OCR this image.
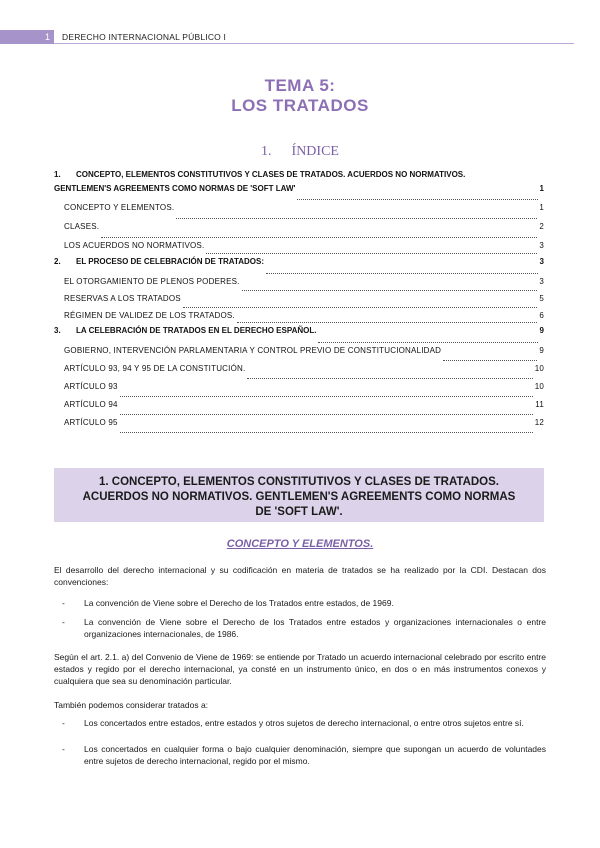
1	DERECHO INTERNACIONAL PÚBLICO I
TEMA 5:
LOS TRATADOS
1. ÍNDICE
1. CONCEPTO, ELEMENTOS CONSTITUTIVOS Y CLASES DE TRATADOS. ACUERDOS NO NORMATIVOS.
GENTLEMEN'S AGREEMENTS COMO NORMAS DE 'SOFT LAW'	1
CONCEPTO Y ELEMENTOS.	1
CLASES.	2
LOS ACUERDOS NO NORMATIVOS.	3
2. EL PROCESO DE CELEBRACIÓN DE TRATADOS:	3
EL OTORGAMIENTO DE PLENOS PODERES.	3
RESERVAS A LOS TRATADOS	5
RÉGIMEN DE VALIDEZ DE LOS TRATADOS.	6
3. LA CELEBRACIÓN DE TRATADOS EN EL DERECHO ESPAÑOL.	9
GOBIERNO, INTERVENCIÓN PARLAMENTARIA Y CONTROL PREVIO DE CONSTITUCIONALIDAD	9
ARTÍCULO 93, 94 Y 95 DE LA CONSTITUCIÓN.	10
ARTÍCULO 93	10
ARTÍCULO 94	11
ARTÍCULO 95	12
1. CONCEPTO, ELEMENTOS CONSTITUTIVOS Y CLASES DE TRATADOS.
ACUERDOS NO NORMATIVOS. GENTLEMEN'S AGREEMENTS COMO NORMAS
DE 'SOFT LAW'.
CONCEPTO Y ELEMENTOS.
El desarrollo del derecho internacional y su codificación en materia de tratados se ha realizado por la CDI. Destacan dos convenciones:
- La convención de Viene sobre el Derecho de los Tratados entre estados, de 1969.
- La convención de Viene sobre el Derecho de los Tratados entre estados y organizaciones internacionales o entre organizaciones internacionales, de 1986.
Según el art. 2.1. a) del Convenio de Viene de 1969: se entiende por Tratado un acuerdo internacional celebrado por escrito entre estados y regido por el derecho internacional, ya consté en un instrumento único, en dos o en más instrumentos conexos y cualquiera que sea su denominación particular.
También podemos considerar tratados a:
- Los concertados entre estados, entre estados y otros sujetos de derecho internacional, o entre otros sujetos entre sí.
- Los concertados en cualquier forma o bajo cualquier denominación, siempre que supongan un acuerdo de voluntades entre sujetos de derecho internacional, regido por el mismo.
